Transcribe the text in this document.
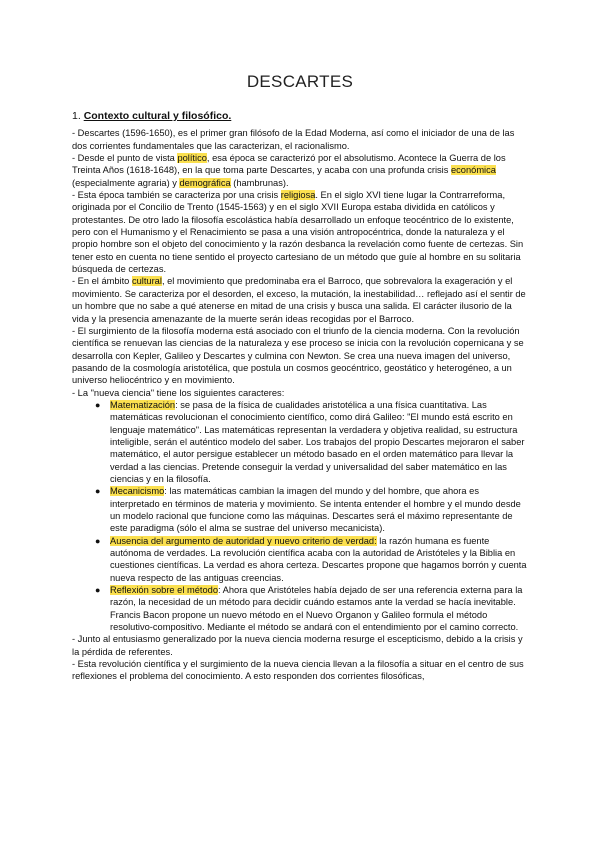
DESCARTES
1. Contexto cultural y filosófico.

- Descartes (1596-1650), es el primer gran filósofo de la Edad Moderna, así como el iniciador de una de las dos corrientes fundamentales que las caracterizan, el racionalismo.

- Desde el punto de vista político, esa época se caracterizó por el absolutismo. Acontece la Guerra de los Treinta Años (1618-1648), en la que toma parte Descartes, y acaba con una profunda crisis económica (especialmente agraria) y demográfica (hambrunas).

- Esta época también se caracteriza por una crisis religiosa. En el siglo XVI tiene lugar la Contrarreforma, originada por el Concilio de Trento (1545-1563) y en el siglo XVII Europa estaba dividida en católicos y protestantes. De otro lado la filosofía escolástica había desarrollado un enfoque teocéntrico de lo existente, pero con el Humanismo y el Renacimiento se pasa a una visión antropocéntrica, donde la naturaleza y el propio hombre son el objeto del conocimiento y la razón desbanca la revelación como fuente de certezas. Sin tener esto en cuenta no tiene sentido el proyecto cartesiano de un método que guíe al hombre en su solitaria búsqueda de certezas.

- En el ámbito cultural, el movimiento que predominaba era el Barroco, que sobrevalora la exageración y el movimiento. Se caracteriza por el desorden, el exceso, la mutación, la inestabilidad… reflejado así el sentir de un hombre que no sabe a qué atenerse en mitad de una crisis y busca una salida. El carácter ilusorio de la vida y la presencia amenazante de la muerte serán ideas recogidas por el Barroco.

- El surgimiento de la filosofía moderna está asociado con el triunfo de la ciencia moderna. Con la revolución científica se renuevan las ciencias de la naturaleza y ese proceso se inicia con la revolución copernicana y se desarrolla con Kepler, Galileo y Descartes y culmina con Newton. Se crea una nueva imagen del universo, pasando de la cosmología aristotélica, que postula un cosmos geocéntrico, geostático y heterogéneo, a un universo heliocéntrico y en movimiento.

- La "nueva ciencia" tiene los siguientes caracteres:

● Matematización: se pasa de la física de cualidades aristotélica a una física cuantitativa. Las matemáticas revolucionan el conocimiento científico, como dirá Galileo: "El mundo está escrito en lenguaje matemático". Las matemáticas representan la verdadera y objetiva realidad, su estructura inteligible, serán el auténtico modelo del saber. Los trabajos del propio Descartes mejoraron el saber matemático, el autor persigue establecer un método basado en el orden matemático para llevar la verdad a las ciencias. Pretende conseguir la verdad y universalidad del saber matemático en las ciencias y en la filosofía.
● Mecanicismo: las matemáticas cambian la imagen del mundo y del hombre, que ahora es interpretado en términos de materia y movimiento. Se intenta entender el hombre y el mundo desde un modelo racional que funcione como las máquinas. Descartes será el máximo representante de este paradigma (sólo el alma se sustrae del universo mecanicista).
● Ausencia del argumento de autoridad y nuevo criterio de verdad: la razón humana es fuente autónoma de verdades. La revolución científica acaba con la autoridad de Aristóteles y la Biblia en cuestiones científicas. La verdad es ahora certeza. Descartes propone que hagamos borrón y cuenta nueva respecto de las antiguas creencias.
● Reflexión sobre el método: Ahora que Aristóteles había dejado de ser una referencia externa para la razón, la necesidad de un método para decidir cuándo estamos ante la verdad se hacía inevitable. Francis Bacon propone un nuevo método en el Nuevo Organon y Galileo formula el método resolutivo-compositivo. Mediante el método se andará con el entendimiento por el camino correcto.

- Junto al entusiasmo generalizado por la nueva ciencia moderna resurge el escepticismo, debido a la crisis y la pérdida de referentes.

- Esta revolución científica y el surgimiento de la nueva ciencia llevan a la filosofía a situar en el centro de sus reflexiones el problema del conocimiento. A esto responden dos corrientes filosóficas,
